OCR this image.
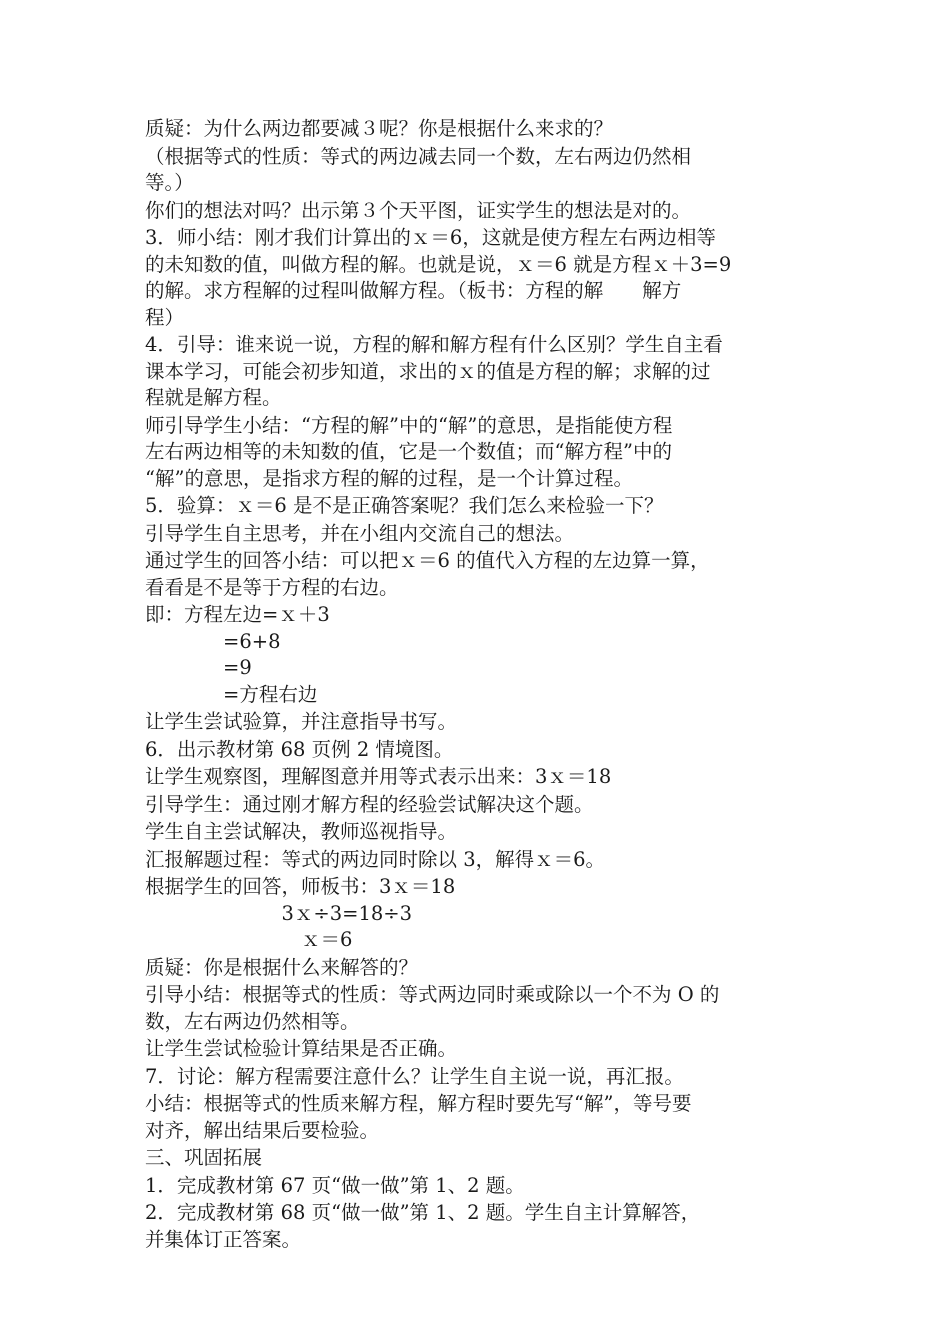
质疑：为什么两边都要减３呢？你是根据什么来求的？
（根据等式的性质：等式的两边减去同一个数，左右两边仍然相
等。）
你们的想法对吗？出示第３个天平图，证实学生的想法是对的。
3．师小结：刚才我们计算出的ｘ＝6，这就是使方程左右两边相等
的未知数的值，叫做方程的解。也就是说，ｘ＝6 就是方程ｘ＋3=9
的解。求方程解的过程叫做解方程。（板书：方程的解　　解方
程）
4．引导：谁来说一说，方程的解和解方程有什么区别？学生自主看
课本学习，可能会初步知道，求出的ｘ的值是方程的解；求解的过
程就是解方程。
师引导学生小结：“方程的解”中的“解”的意思，是指能使方程
左右两边相等的未知数的值，它是一个数值；而“解方程”中的
“解”的意思，是指求方程的解的过程，是一个计算过程。
5．验算：ｘ＝6 是不是正确答案呢？我们怎么来检验一下？
引导学生自主思考，并在小组内交流自己的想法。
通过学生的回答小结：可以把ｘ＝6 的值代入方程的左边算一算，
看看是不是等于方程的右边。
即：方程左边=ｘ＋3
　　　　=6+8
　　　　=9
　　　　=方程右边
让学生尝试验算，并注意指导书写。
6．出示教材第 68 页例 2 情境图。
让学生观察图，理解图意并用等式表示出来：3ｘ＝18
引导学生：通过刚才解方程的经验尝试解决这个题。
学生自主尝试解决，教师巡视指导。
汇报解题过程：等式的两边同时除以 3，解得ｘ＝6。
根据学生的回答，师板书：3ｘ＝18
　　　　　　　3ｘ÷3=18÷3
　　　　　　　　ｘ＝6
质疑：你是根据什么来解答的？
引导小结：根据等式的性质：等式两边同时乘或除以一个不为 O 的
数，左右两边仍然相等。
让学生尝试检验计算结果是否正确。
7．讨论：解方程需要注意什么？让学生自主说一说，再汇报。
小结：根据等式的性质来解方程，解方程时要先写“解”，等号要
对齐，解出结果后要检验。
三、巩固拓展
1．完成教材第 67 页“做一做”第 1、2 题。
2．完成教材第 68 页“做一做”第 1、2 题。学生自主计算解答，
并集体订正答案。
